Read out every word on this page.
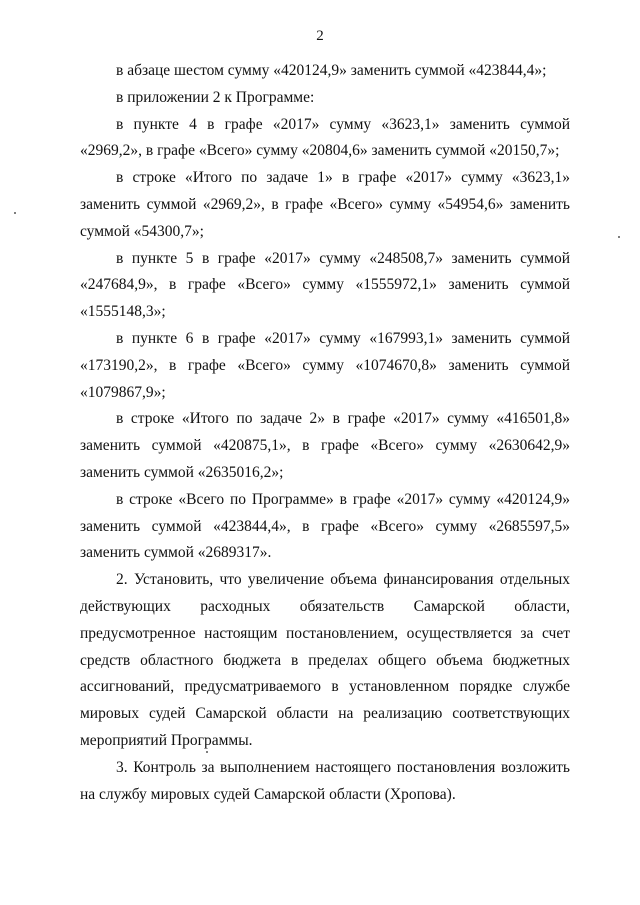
2

в абзаце шестом сумму «420124,9» заменить суммой «423844,4»;

в приложении 2 к Программе:

в пункте 4 в графе «2017» сумму «3623,1» заменить суммой «2969,2», в графе «Всего» сумму «20804,6» заменить суммой «20150,7»;

в строке «Итого по задаче 1» в графе «2017» сумму «3623,1» заменить суммой «2969,2», в графе «Всего» сумму «54954,6» заменить суммой «54300,7»;

в пункте 5 в графе «2017» сумму «248508,7» заменить суммой «247684,9», в графе «Всего» сумму «1555972,1» заменить суммой «1555148,3»;

в пункте 6 в графе «2017» сумму «167993,1» заменить суммой «173190,2», в графе «Всего» сумму «1074670,8» заменить суммой «1079867,9»;

в строке «Итого по задаче 2» в графе «2017» сумму «416501,8» заменить суммой «420875,1», в графе «Всего» сумму «2630642,9» заменить суммой «2635016,2»;

в строке «Всего по Программе» в графе «2017» сумму «420124,9» заменить суммой «423844,4», в графе «Всего» сумму «2685597,5» заменить суммой «2689317».

2. Установить, что увеличение объема финансирования отдельных действующих расходных обязательств Самарской области, предусмотренное настоящим постановлением, осуществляется за счет средств областного бюджета в пределах общего объема бюджетных ассигнований, предусматриваемого в установленном порядке службе мировых судей Самарской области на реализацию соответствующих мероприятий Программы.

3. Контроль за выполнением настоящего постановления возложить на службу мировых судей Самарской области (Хропова).
